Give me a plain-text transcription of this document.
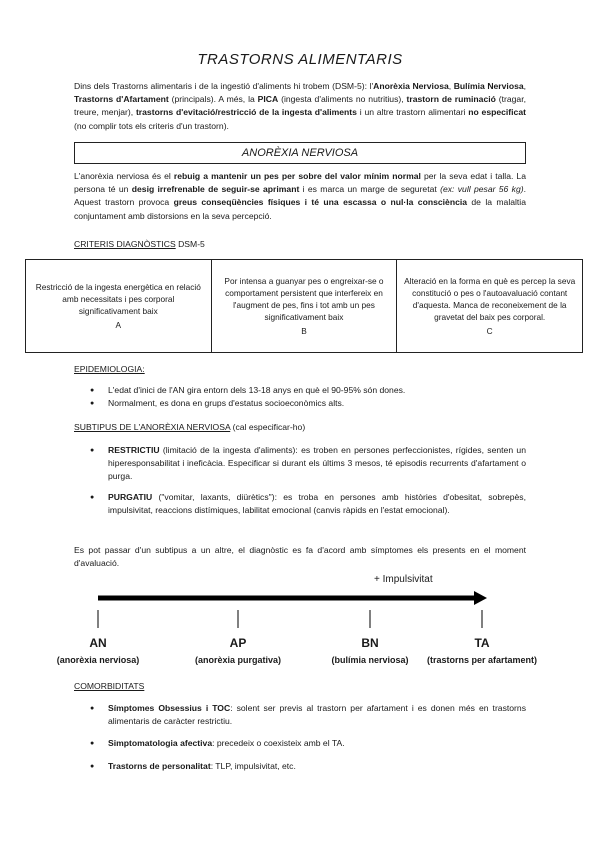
TRASTORNS ALIMENTARIS
Dins dels Trastorns alimentaris i de la ingestió d'aliments hi trobem (DSM-5): l'Anorèxia Nerviosa, Bulímia Nerviosa, Trastorns d'Afartament (principals). A més, la PICA (ingesta d'aliments no nutritius), trastorn de ruminació (tragar, treure, menjar), trastorns d'evitació/restricció de la ingesta d'aliments i un altre trastorn alimentari no especificat (no complir tots els criteris d'un trastorn).
ANORÈXIA NERVIOSA
L'anorèxia nerviosa és el rebuig a mantenir un pes per sobre del valor mínim normal per la seva edat i talla. La persona té un desig irrefrenable de seguir-se aprimant i es marca un marge de seguretat (ex: vull pesar 56 kg). Aquest trastorn provoca greus conseqüències físiques i té una escassa o nul·la consciència de la malaltia conjuntament amb distorsions en la seva percepció.
CRITERIS DIAGNÒSTICS DSM-5
Restricció de la ingesta energètica en relació amb necessitats i pes corporal significativament baix
A
	Por intensa a guanyar pes o engreixar-se o comportament persistent que interfereix en l'augment de pes, fins i tot amb un pes significativament baix
B
	Alteració en la forma en què es percep la seva constitució o pes o l'autoavaluació contant d'aquesta. Manca de reconeixement de la gravetat del baix pes corporal.
C
EPIDEMIOLOGIA:
● L'edat d'inici de l'AN gira entorn dels 13-18 anys en què el 90-95% són dones.
● Normalment, es dona en grups d'estatus socioeconòmics alts.
SUBTIPUS DE L'ANORÈXIA NERVIOSA (cal especificar-ho)
● RESTRICTIU (limitació de la ingesta d'aliments): es troben en persones perfeccionistes, rígides, senten un hiperesponsabilitat i ineficàcia. Especificar si durant els últims 3 mesos, té episodis recurrents d'afartament o purga.
● PURGATIU ("vomitar, laxants, diürètics"): es troba en persones amb històries d'obesitat, sobrepès, impulsivitat, reaccions distímiques, labilitat emocional (canvis ràpids en l'estat emocional).
Es pot passar d'un subtipus a un altre, el diagnòstic es fa d'acord amb símptomes els presents en el moment d'avaluació.
+ Impulsivitat
AN	AP	BN	TA
(anorèxia nerviosa)	(anorèxia purgativa)	(bulímia nerviosa)	(trastorns per afartament)
COMORBIDITATS
● Símptomes Obsessius i TOC: solent ser previs al trastorn per afartament i es donen més en trastorns alimentaris de caràcter restrictiu.
● Simptomatologia afectiva: precedeix o coexisteix amb el TA.
● Trastorns de personalitat: TLP, impulsivitat, etc.
